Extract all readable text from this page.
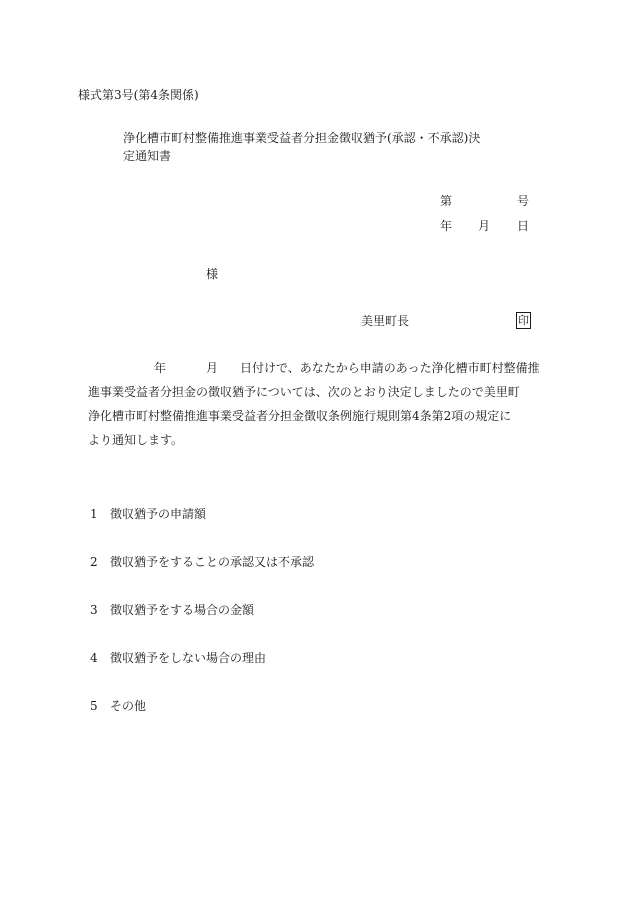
様式第3号(第4条関係)
浄化槽市町村整備推進事業受益者分担金徴収猶予(承認・不承認)決
定通知書
第	号
年 月 日
様
美里町長	印
年	月 日付けで、あなたから申請のあった浄化槽市町村整備推
進事業受益者分担金の徴収猶予については、次のとおり決定しましたので美里町
浄化槽市町村整備推進事業受益者分担金徴収条例施行規則第4条第2項の規定に
より通知します。
1 徴収猶予の申請額
2 徴収猶予をすることの承認又は不承認
3 徴収猶予をする場合の金額
4 徴収猶予をしない場合の理由
5 その他
